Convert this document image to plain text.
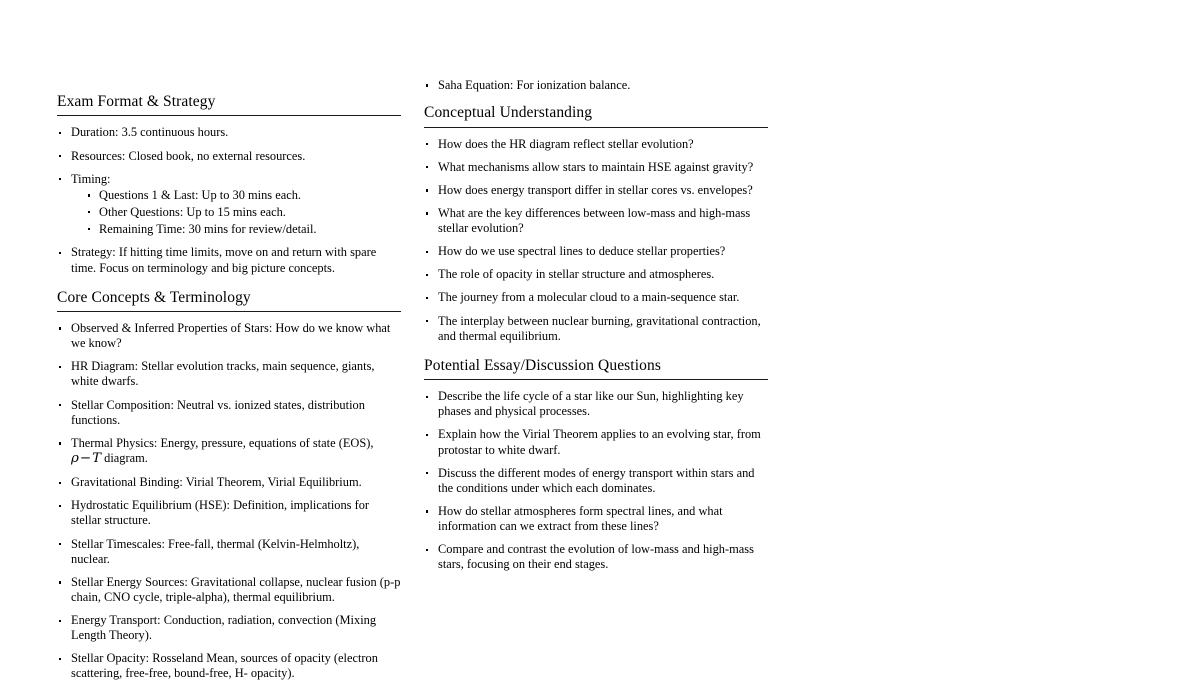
Exam Format & Strategy
Duration: 3.5 continuous hours.
Resources: Closed book, no external resources.
Timing:
Questions 1 & Last: Up to 30 mins each.
Other Questions: Up to 15 mins each.
Remaining Time: 30 mins for review/detail.
Strategy: If hitting time limits, move on and return with spare time. Focus on terminology and big picture concepts.
Core Concepts & Terminology
Observed & Inferred Properties of Stars: How do we know what we know?
HR Diagram: Stellar evolution tracks, main sequence, giants, white dwarfs.
Stellar Composition: Neutral vs. ionized states, distribution functions.
Thermal Physics: Energy, pressure, equations of state (EOS), ρ−T diagram.
Gravitational Binding: Virial Theorem, Virial Equilibrium.
Hydrostatic Equilibrium (HSE): Definition, implications for stellar structure.
Stellar Timescales: Free-fall, thermal (Kelvin-Helmholtz), nuclear.
Stellar Energy Sources: Gravitational collapse, nuclear fusion (p-p chain, CNO cycle, triple-alpha), thermal equilibrium.
Energy Transport: Conduction, radiation, convection (Mixing Length Theory).
Stellar Opacity: Rosseland Mean, sources of opacity (electron scattering, free-free, bound-free, H- opacity).
Saha Equation: For ionization balance.
Conceptual Understanding
How does the HR diagram reflect stellar evolution?
What mechanisms allow stars to maintain HSE against gravity?
How does energy transport differ in stellar cores vs. envelopes?
What are the key differences between low-mass and high-mass stellar evolution?
How do we use spectral lines to deduce stellar properties?
The role of opacity in stellar structure and atmospheres.
The journey from a molecular cloud to a main-sequence star.
The interplay between nuclear burning, gravitational contraction, and thermal equilibrium.
Potential Essay/Discussion Questions
Describe the life cycle of a star like our Sun, highlighting key phases and physical processes.
Explain how the Virial Theorem applies to an evolving star, from protostar to white dwarf.
Discuss the different modes of energy transport within stars and the conditions under which each dominates.
How do stellar atmospheres form spectral lines, and what information can we extract from these lines?
Compare and contrast the evolution of low-mass and high-mass stars, focusing on their end stages.
